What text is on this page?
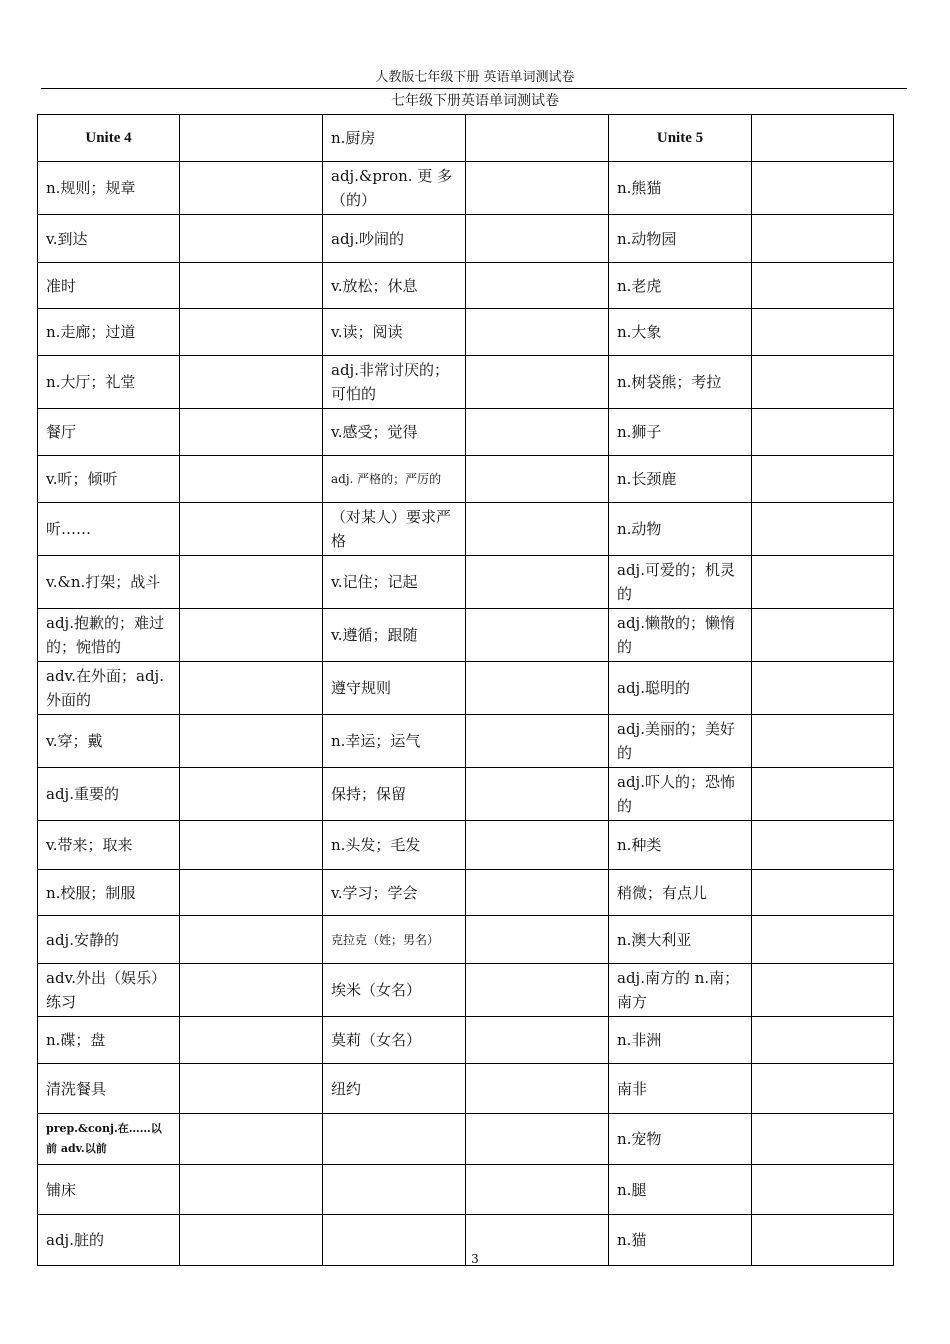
人教版七年级下册 英语单词测试卷
七年级下册英语单词测试卷
Unite 4		n.厨房		Unite 5	
n.规则；规章		adj.&pron. 更 多（的）		n.熊猫	
v.到达		adj.吵闹的		n.动物园	
准时		v.放松；休息		n.老虎	
n.走廊；过道		v.读；阅读		n.大象	
n.大厅；礼堂		adj.非常讨厌的；可怕的		n.树袋熊；考拉	
餐厅		v.感受；觉得		n.狮子	
v.听；倾听		adj. 严格的；严厉的		n.长颈鹿	
听……		（对某人）要求严格		n.动物	
v.&n.打架；战斗		v.记住；记起		adj.可爱的；机灵的	
adj.抱歉的；难过的；惋惜的		v.遵循；跟随		adj.懒散的；懒惰的	
adv.在外面；adj.外面的		遵守规则		adj.聪明的	
v.穿；戴		n.幸运；运气		adj.美丽的；美好的	
adj.重要的		保持；保留		adj.吓人的；恐怖的	
v.带来；取来		n.头发；毛发		n.种类	
n.校服；制服		v.学习；学会		稍微；有点儿	
adj.安静的		克拉克（姓；男名）		n.澳大利亚	
adv.外出（娱乐）练习		埃米（女名）		adj.南方的 n.南；南方	
n.碟；盘		莫莉（女名）		n.非洲	
清洗餐具		纽约		南非	
prep.&conj.在……以前 adv.以前				n.宠物	
铺床				n.腿	
adj.脏的				n.猫	
3
